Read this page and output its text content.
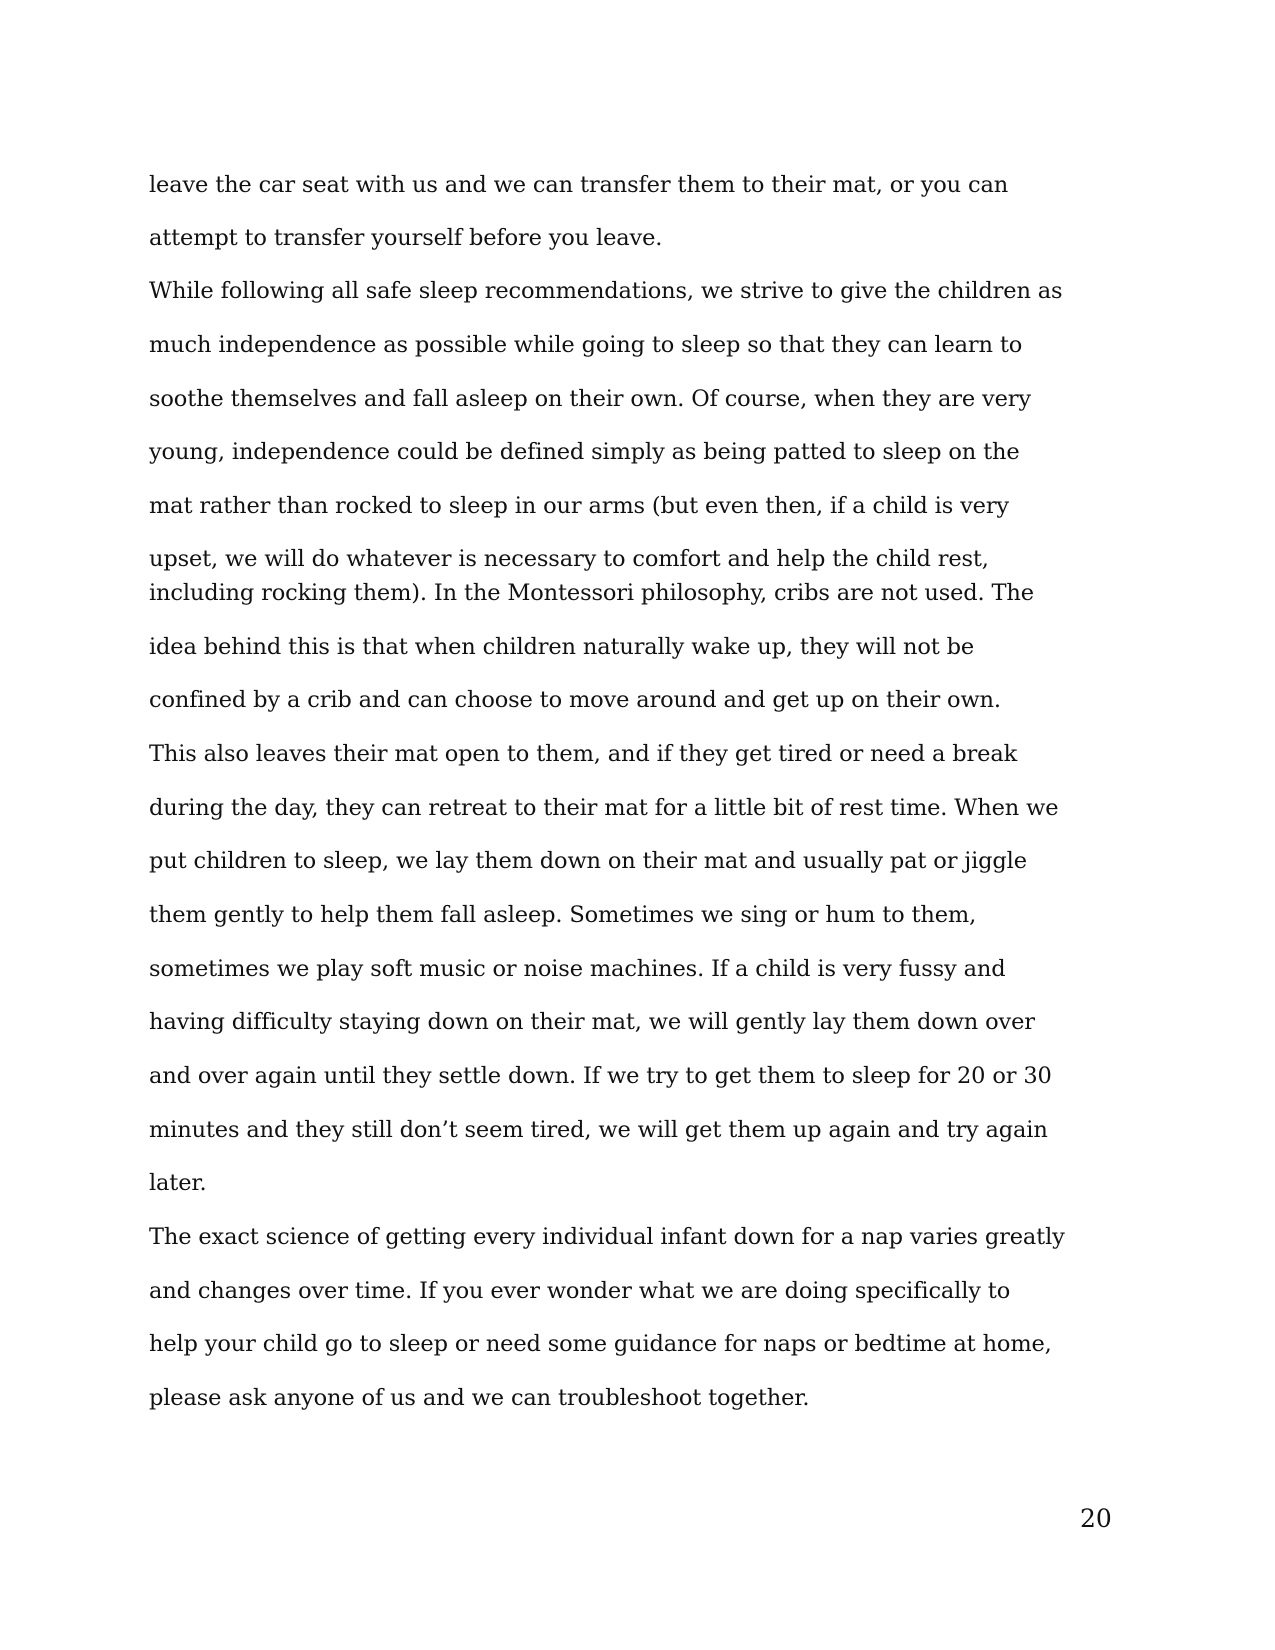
leave the car seat with us and we can transfer them to their mat, or you can

attempt to transfer yourself before you leave.

While following all safe sleep recommendations, we strive to give the children as

much independence as possible while going to sleep so that they can learn to

soothe themselves and fall asleep on their own. Of course, when they are very

young, independence could be defined simply as being patted to sleep on the

mat rather than rocked to sleep in our arms (but even then, if a child is very

upset, we will do whatever is necessary to comfort and help the child rest,

including rocking them). In the Montessori philosophy, cribs are not used. The

idea behind this is that when children naturally wake up, they will not be

confined by a crib and can choose to move around and get up on their own.

This also leaves their mat open to them, and if they get tired or need a break

during the day, they can retreat to their mat for a little bit of rest time. When we

put children to sleep, we lay them down on their mat and usually pat or jiggle

them gently to help them fall asleep. Sometimes we sing or hum to them,

sometimes we play soft music or noise machines. If a child is very fussy and

having difficulty staying down on their mat, we will gently lay them down over

and over again until they settle down. If we try to get them to sleep for 20 or 30

minutes and they still don’t seem tired, we will get them up again and try again

later.

The exact science of getting every individual infant down for a nap varies greatly

and changes over time. If you ever wonder what we are doing specifically to

help your child go to sleep or need some guidance for naps or bedtime at home,

please ask anyone of us and we can troubleshoot together.

20
